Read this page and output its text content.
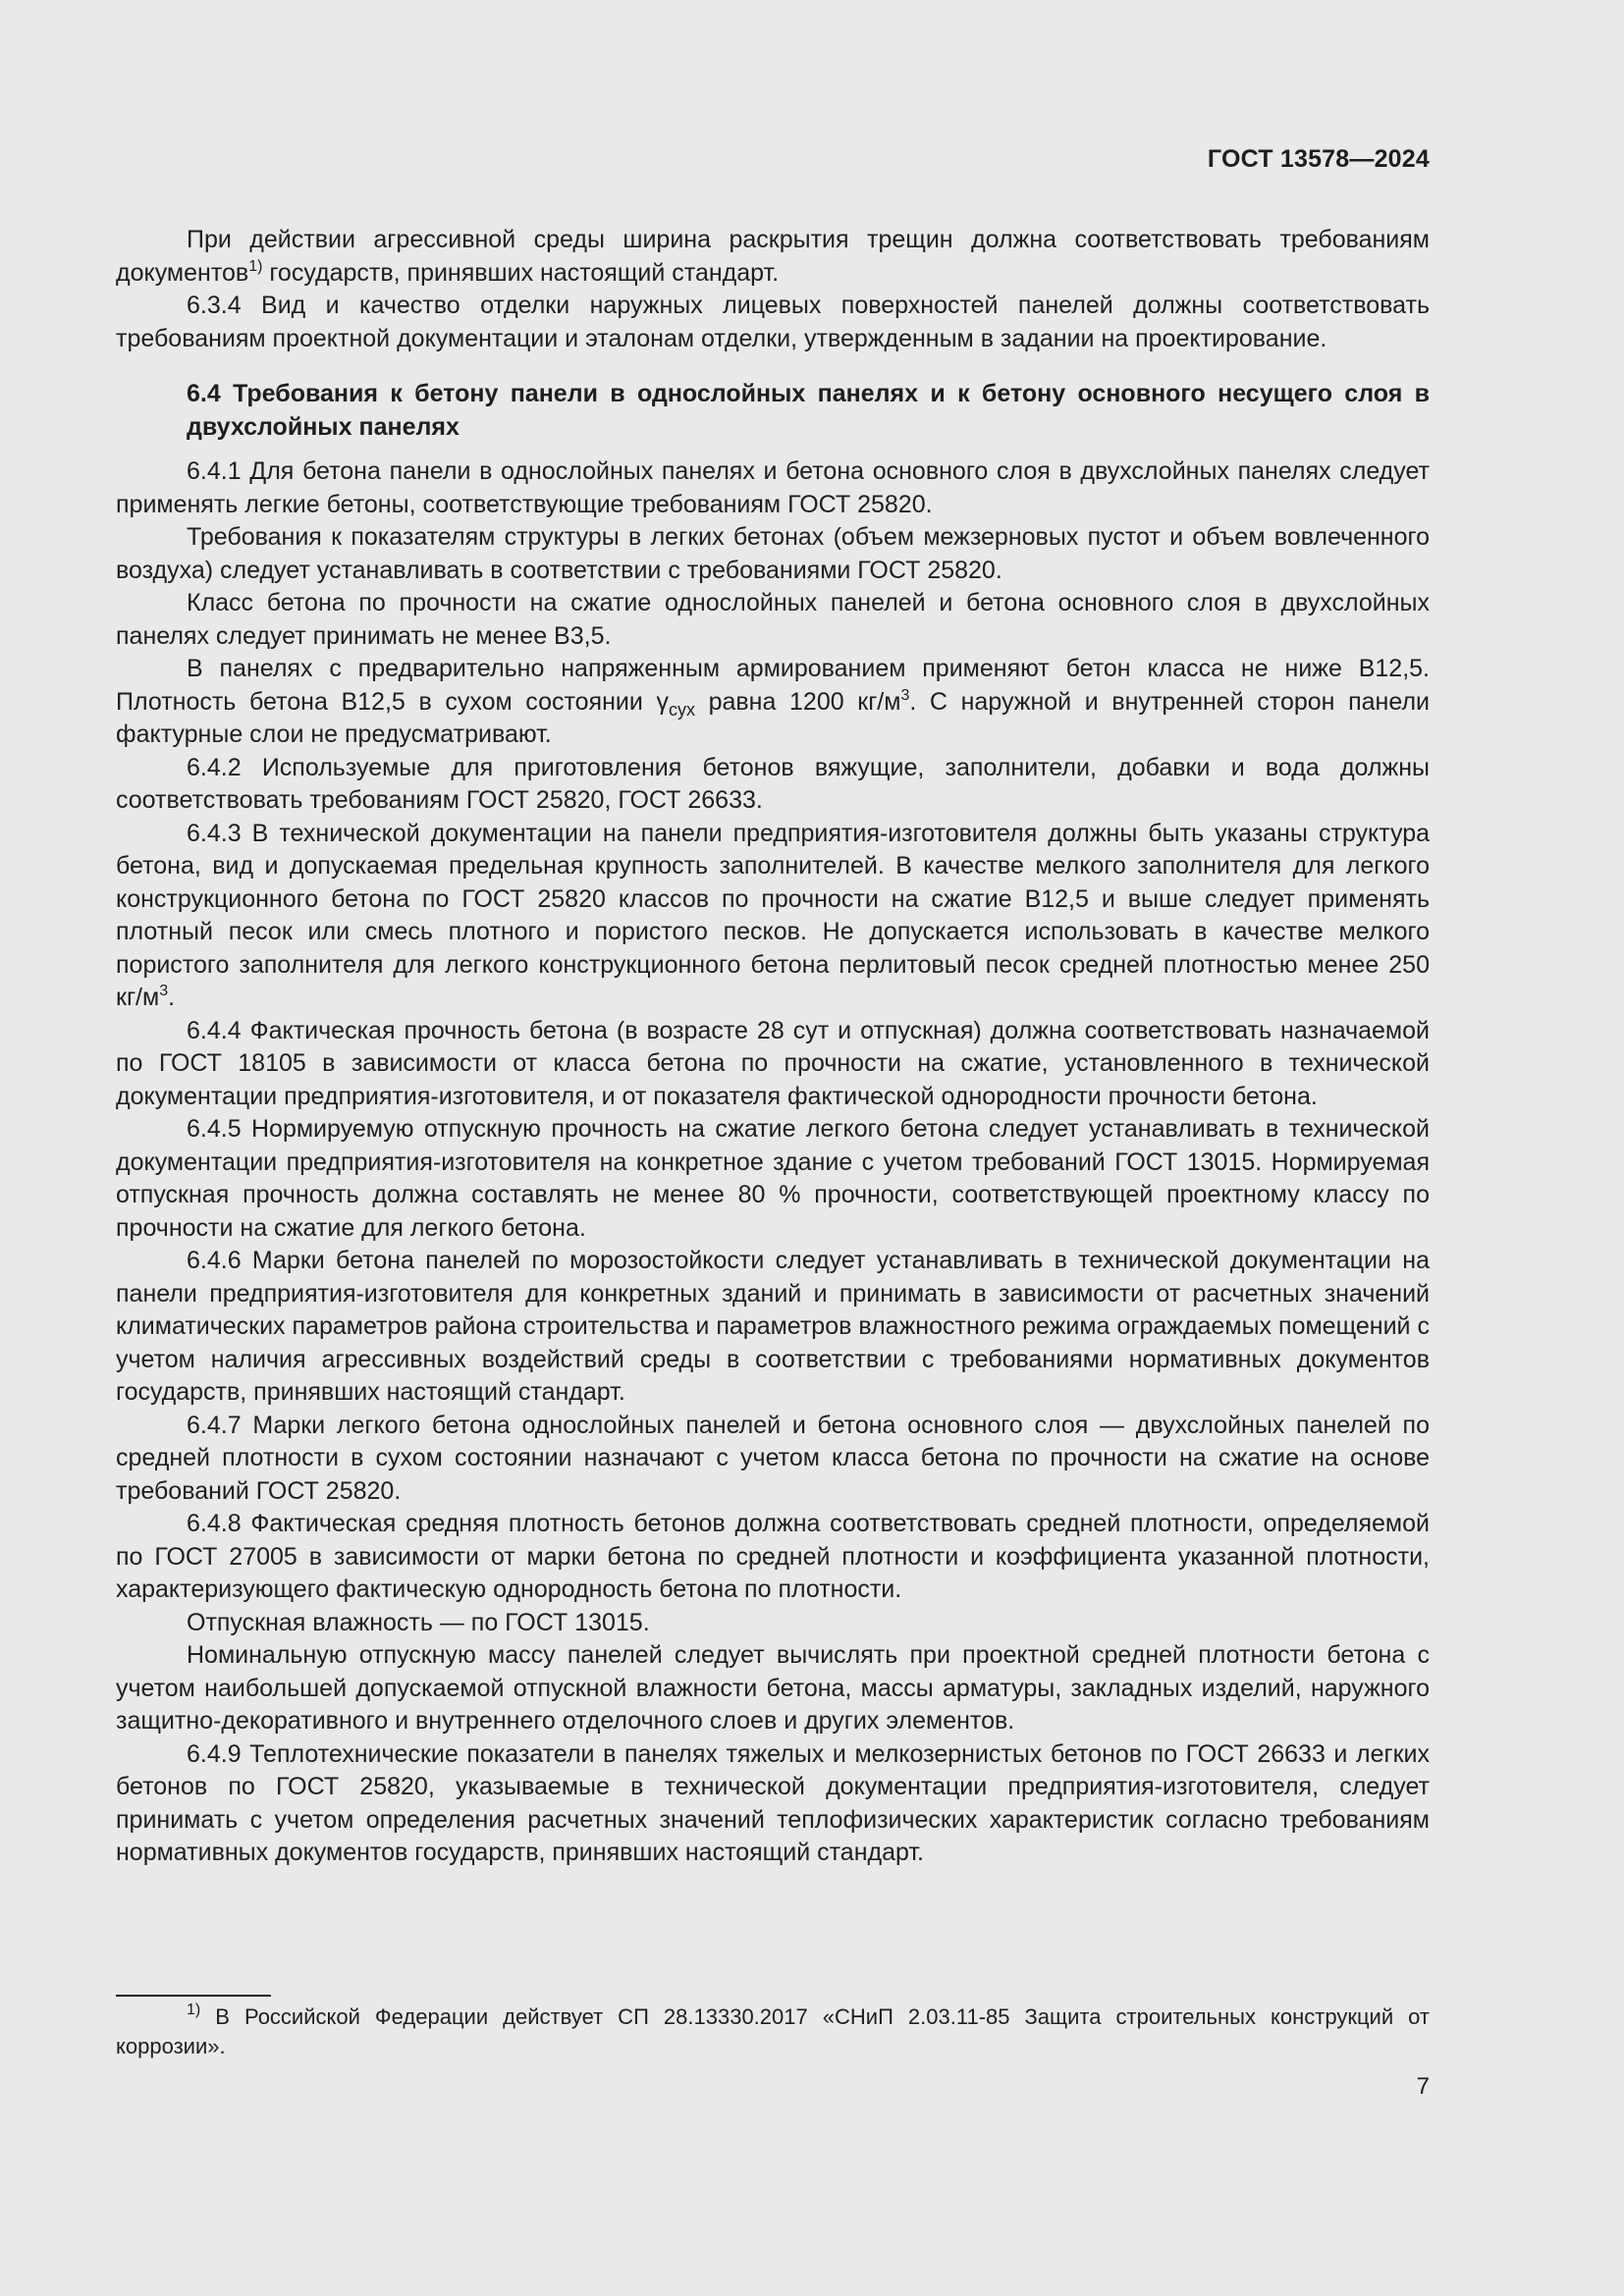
ГОСТ 13578—2024

При действии агрессивной среды ширина раскрытия трещин должна соответствовать требованиям документов$^{1)}$ государств, принявших настоящий стандарт.

6.3.4 Вид и качество отделки наружных лицевых поверхностей панелей должны соответствовать требованиям проектной документации и эталонам отделки, утвержденным в задании на проектирование.

6.4 Требования к бетону панели в однослойных панелях и к бетону основного несущего слоя в двухслойных панелях

6.4.1 Для бетона панели в однослойных панелях и бетона основного слоя в двухслойных панелях следует применять легкие бетоны, соответствующие требованиям ГОСТ 25820.

Требования к показателям структуры в легких бетонах (объем межзерновых пустот и объем вовлеченного воздуха) следует устанавливать в соответствии с требованиями ГОСТ 25820.

Класс бетона по прочности на сжатие однослойных панелей и бетона основного слоя в двухслойных панелях следует принимать не менее B3,5.

В панелях с предварительно напряженным армированием применяют бетон класса не ниже B12,5. Плотность бетона B12,5 в сухом состоянии $\gamma_{сух}$ равна 1200 $кг/м^3$. С наружной и внутренней сторон панели фактурные слои не предусматривают.

6.4.2 Используемые для приготовления бетонов вяжущие, заполнители, добавки и вода должны соответствовать требованиям ГОСТ 25820, ГОСТ 26633.

6.4.3 В технической документации на панели предприятия-изготовителя должны быть указаны структура бетона, вид и допускаемая предельная крупность заполнителей. В качестве мелкого заполнителя для легкого конструкционного бетона по ГОСТ 25820 классов по прочности на сжатие B12,5 и выше следует применять плотный песок или смесь плотного и пористого песков. Не допускается использовать в качестве мелкого пористого заполнителя для легкого конструкционного бетона перлитовый песок средней плотностью менее 250 $кг/м^3$.

6.4.4 Фактическая прочность бетона (в возрасте 28 сут и отпускная) должна соответствовать назначаемой по ГОСТ 18105 в зависимости от класса бетона по прочности на сжатие, установленного в технической документации предприятия-изготовителя, и от показателя фактической однородности прочности бетона.

6.4.5 Нормируемую отпускную прочность на сжатие легкого бетона следует устанавливать в технической документации предприятия-изготовителя на конкретное здание с учетом требований ГОСТ 13015. Нормируемая отпускная прочность должна составлять не менее 80 % прочности, соответствующей проектному классу по прочности на сжатие для легкого бетона.

6.4.6 Марки бетона панелей по морозостойкости следует устанавливать в технической документации на панели предприятия-изготовителя для конкретных зданий и принимать в зависимости от расчетных значений климатических параметров района строительства и параметров влажностного режима ограждаемых помещений с учетом наличия агрессивных воздействий среды в соответствии с требованиями нормативных документов государств, принявших настоящий стандарт.

6.4.7 Марки легкого бетона однослойных панелей и бетона основного слоя — двухслойных панелей по средней плотности в сухом состоянии назначают с учетом класса бетона по прочности на сжатие на основе требований ГОСТ 25820.

6.4.8 Фактическая средняя плотность бетонов должна соответствовать средней плотности, определяемой по ГОСТ 27005 в зависимости от марки бетона по средней плотности и коэффициента указанной плотности, характеризующего фактическую однородность бетона по плотности.

Отпускная влажность — по ГОСТ 13015.

Номинальную отпускную массу панелей следует вычислять при проектной средней плотности бетона с учетом наибольшей допускаемой отпускной влажности бетона, массы арматуры, закладных изделий, наружного защитно-декоративного и внутреннего отделочного слоев и других элементов.

6.4.9 Теплотехнические показатели в панелях тяжелых и мелкозернистых бетонов по ГОСТ 26633 и легких бетонов по ГОСТ 25820, указываемые в технической документации предприятия-изготовителя, следует принимать с учетом определения расчетных значений теплофизических характеристик согласно требованиям нормативных документов государств, принявших настоящий стандарт.

$^{1)}$ В Российской Федерации действует СП 28.13330.2017 «СНиП 2.03.11-85 Защита строительных конструкций от коррозии».

7
